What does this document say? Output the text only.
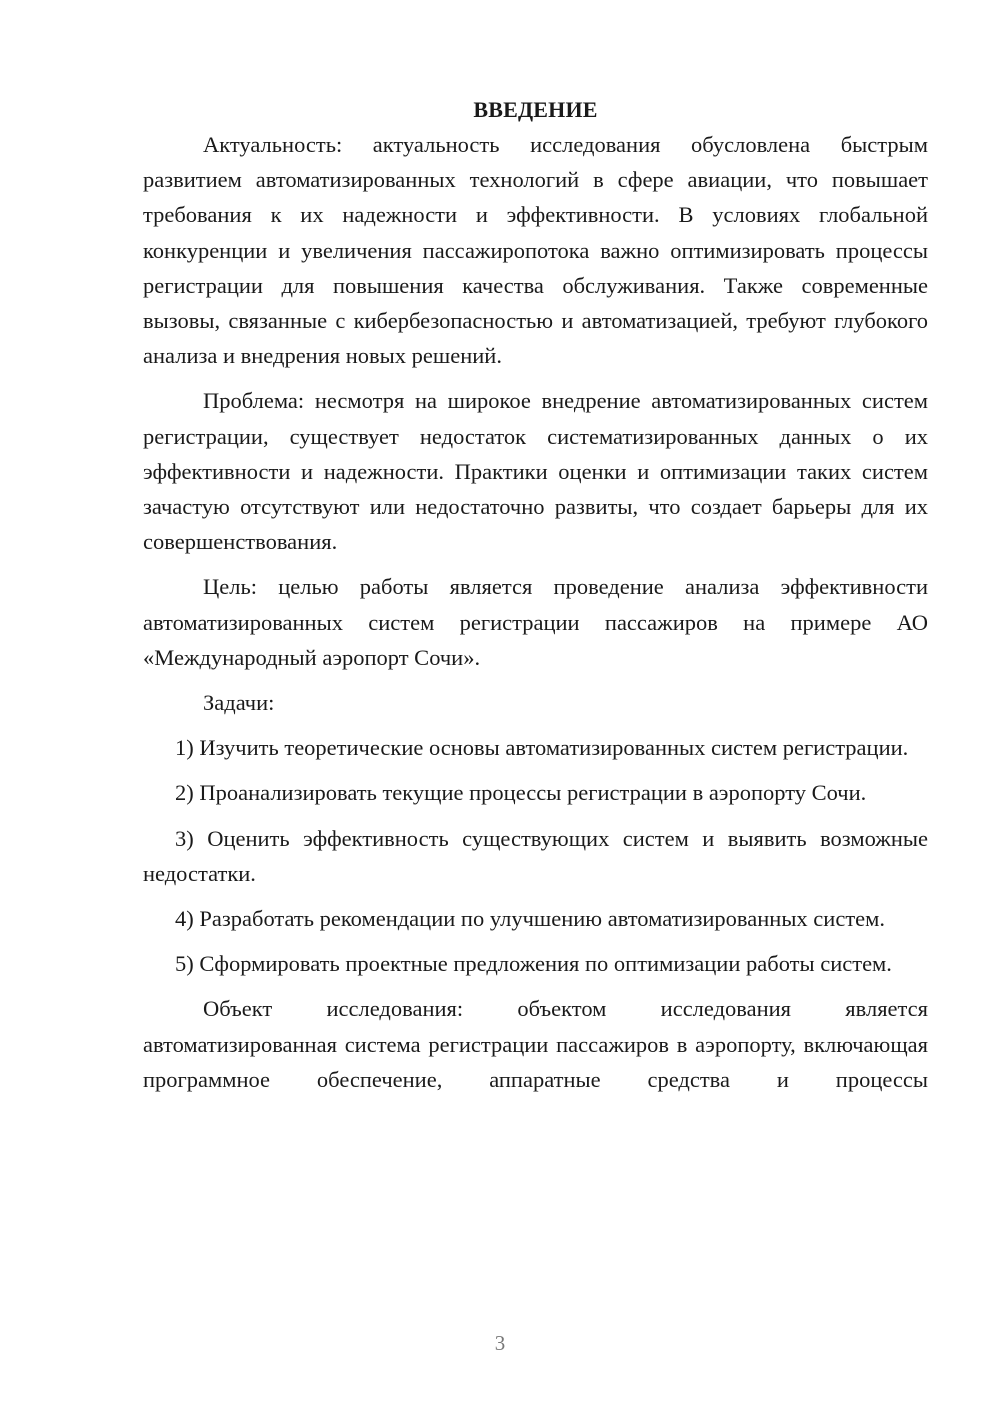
ВВЕДЕНИЕ

Актуальность: актуальность исследования обусловлена быстрым развитием автоматизированных технологий в сфере авиации, что повышает требования к их надежности и эффективности. В условиях глобальной конкуренции и увеличения пассажиропотока важно оптимизировать процессы регистрации для повышения качества обслуживания. Также современные вызовы, связанные с кибербезопасностью и автоматизацией, требуют глубокого анализа и внедрения новых решений.

Проблема: несмотря на широкое внедрение автоматизированных систем регистрации, существует недостаток систематизированных данных о их эффективности и надежности. Практики оценки и оптимизации таких систем зачастую отсутствуют или недостаточно развиты, что создает барьеры для их совершенствования.

Цель: целью работы является проведение анализа эффективности автоматизированных систем регистрации пассажиров на примере АО «Международный аэропорт Сочи».

Задачи:

1) Изучить теоретические основы автоматизированных систем регистрации.

2) Проанализировать текущие процессы регистрации в аэропорту Сочи.

3) Оценить эффективность существующих систем и выявить возможные недостатки.

4) Разработать рекомендации по улучшению автоматизированных систем.

5) Сформировать проектные предложения по оптимизации работы систем.

Объект исследования: объектом исследования является автоматизированная система регистрации пассажиров в аэропорту, включающая программное обеспечение, аппаратные средства и процессы

3
